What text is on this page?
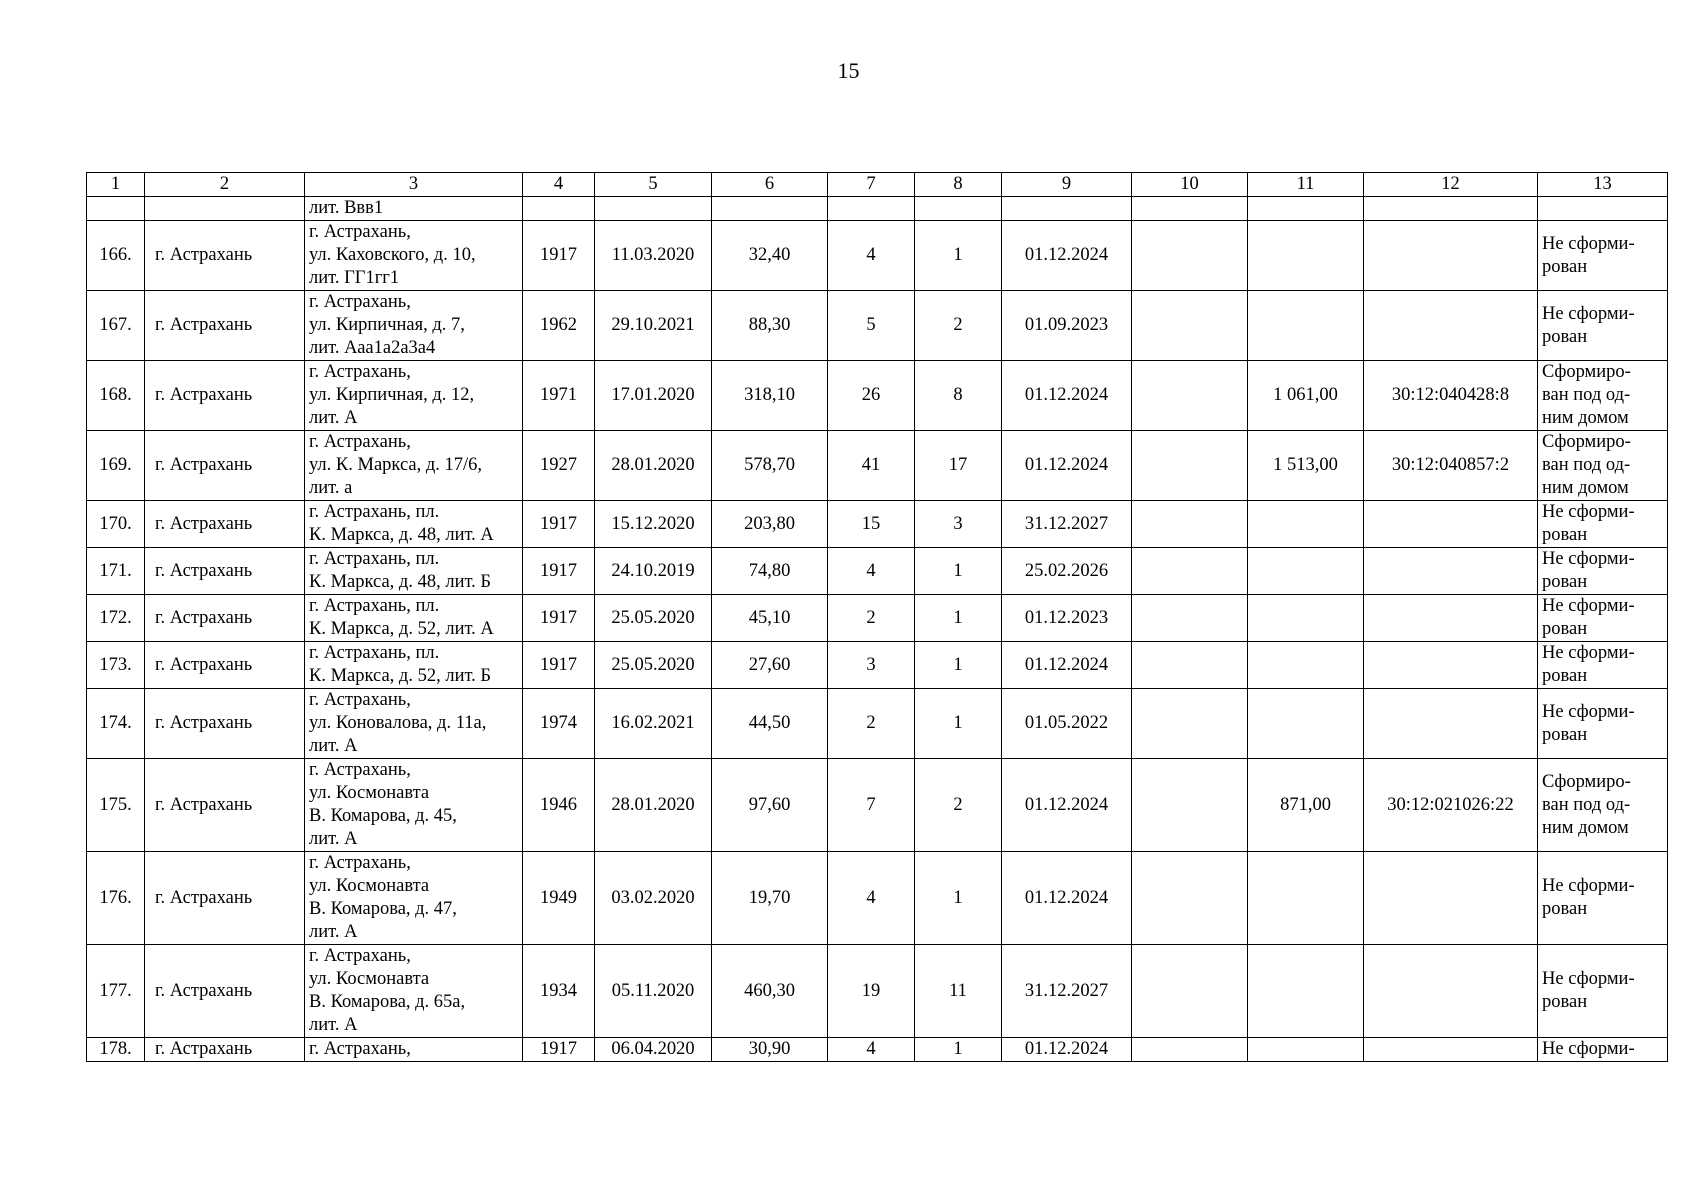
15
1	2	3	4	5	6	7	8	9	10	11	12	13
		лит. Ввв1										
166.	г. Астрахань	г. Астрахань,
ул. Каховского, д. 10,
лит. ГГ1гг1	1917	11.03.2020	32,40	4	1	01.12.2024				Не сформи-
рован
167.	г. Астрахань	г. Астрахань,
ул. Кирпичная, д. 7,
лит. Ааа1а2а3а4	1962	29.10.2021	88,30	5	2	01.09.2023				Не сформи-
рован
168.	г. Астрахань	г. Астрахань,
ул. Кирпичная, д. 12,
лит. А	1971	17.01.2020	318,10	26	8	01.12.2024		1 061,00	30:12:040428:8	Сформиро-
ван под од-
ним домом
169.	г. Астрахань	г. Астрахань,
ул. К. Маркса, д. 17/6,
лит. а	1927	28.01.2020	578,70	41	17	01.12.2024		1 513,00	30:12:040857:2	Сформиро-
ван под од-
ним домом
170.	г. Астрахань	г. Астрахань, пл.
К. Маркса, д. 48, лит. А	1917	15.12.2020	203,80	15	3	31.12.2027				Не сформи-
рован
171.	г. Астрахань	г. Астрахань, пл.
К. Маркса, д. 48, лит. Б	1917	24.10.2019	74,80	4	1	25.02.2026				Не сформи-
рован
172.	г. Астрахань	г. Астрахань, пл.
К. Маркса, д. 52, лит. А	1917	25.05.2020	45,10	2	1	01.12.2023				Не сформи-
рован
173.	г. Астрахань	г. Астрахань, пл.
К. Маркса, д. 52, лит. Б	1917	25.05.2020	27,60	3	1	01.12.2024				Не сформи-
рован
174.	г. Астрахань	г. Астрахань,
ул. Коновалова, д. 11а,
лит. А	1974	16.02.2021	44,50	2	1	01.05.2022				Не сформи-
рован
175.	г. Астрахань	г. Астрахань,
ул. Космонавта
В. Комарова, д. 45,
лит. А	1946	28.01.2020	97,60	7	2	01.12.2024		871,00	30:12:021026:22	Сформиро-
ван под од-
ним домом
176.	г. Астрахань	г. Астрахань,
ул. Космонавта
В. Комарова, д. 47,
лит. А	1949	03.02.2020	19,70	4	1	01.12.2024				Не сформи-
рован
177.	г. Астрахань	г. Астрахань,
ул. Космонавта
В. Комарова, д. 65а,
лит. А	1934	05.11.2020	460,30	19	11	31.12.2027				Не сформи-
рован
178.	г. Астрахань	г. Астрахань,	1917	06.04.2020	30,90	4	1	01.12.2024				Не сформи-
